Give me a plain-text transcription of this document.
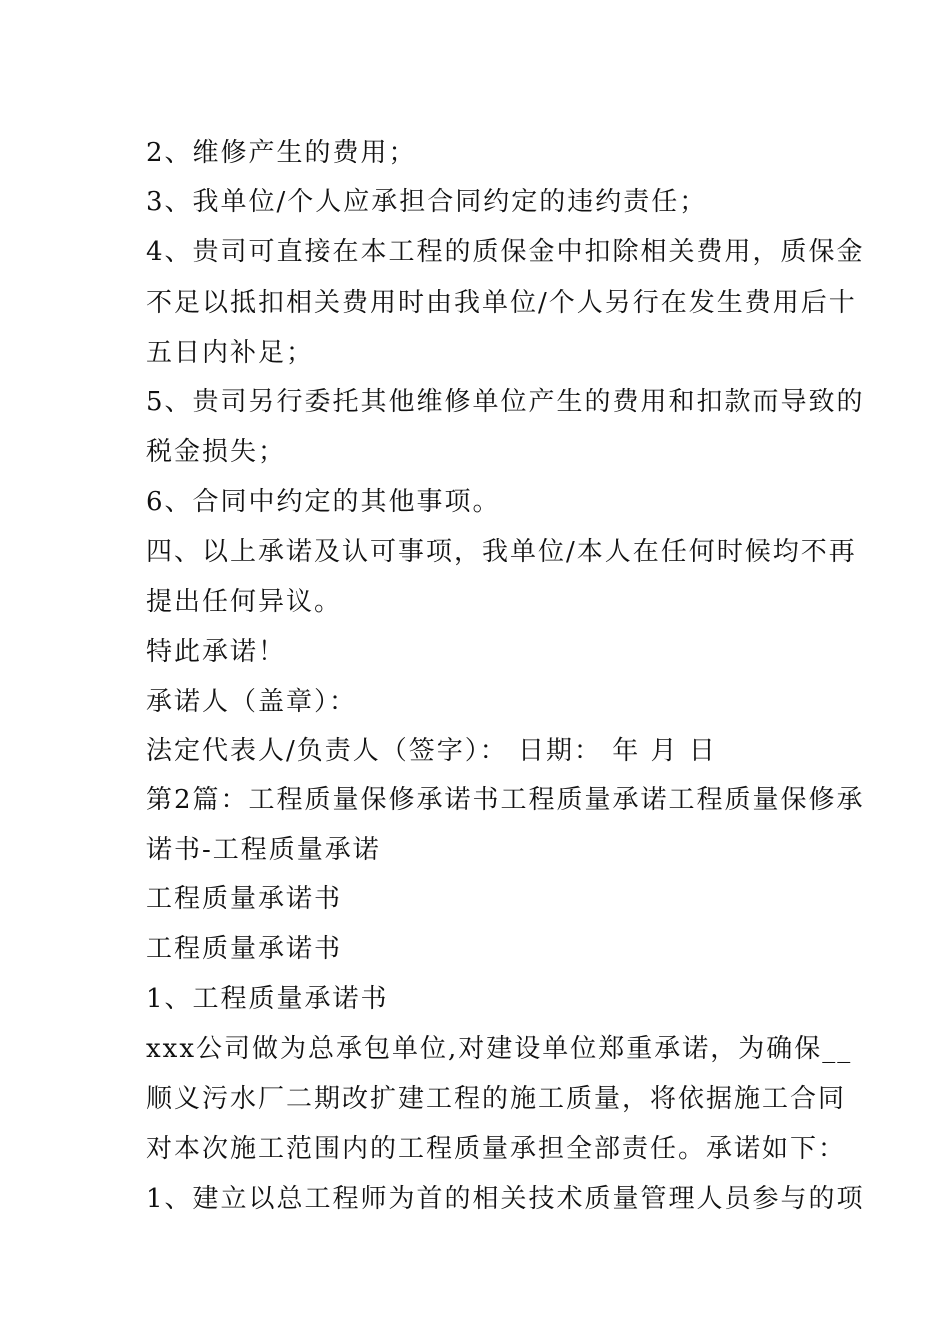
2、维修产生的费用；
3、我单位/个人应承担合同约定的违约责任；
4、贵司可直接在本工程的质保金中扣除相关费用，质保金
不足以抵扣相关费用时由我单位/个人另行在发生费用后十
五日内补足；
5、贵司另行委托其他维修单位产生的费用和扣款而导致的
税金损失；
6、合同中约定的其他事项。
四、以上承诺及认可事项，我单位/本人在任何时候均不再
提出任何异议。
特此承诺！
承诺人（盖章）：
法定代表人/负责人（签字）： 日期： 年 月 日
第2篇：工程质量保修承诺书工程质量承诺工程质量保修承
诺书-工程质量承诺
工程质量承诺书
工程质量承诺书
1、工程质量承诺书
xxx公司做为总承包单位,对建设单位郑重承诺，为确保__
顺义污水厂二期改扩建工程的施工质量，将依据施工合同
对本次施工范围内的工程质量承担全部责任。承诺如下：
1、建立以总工程师为首的相关技术质量管理人员参与的项
